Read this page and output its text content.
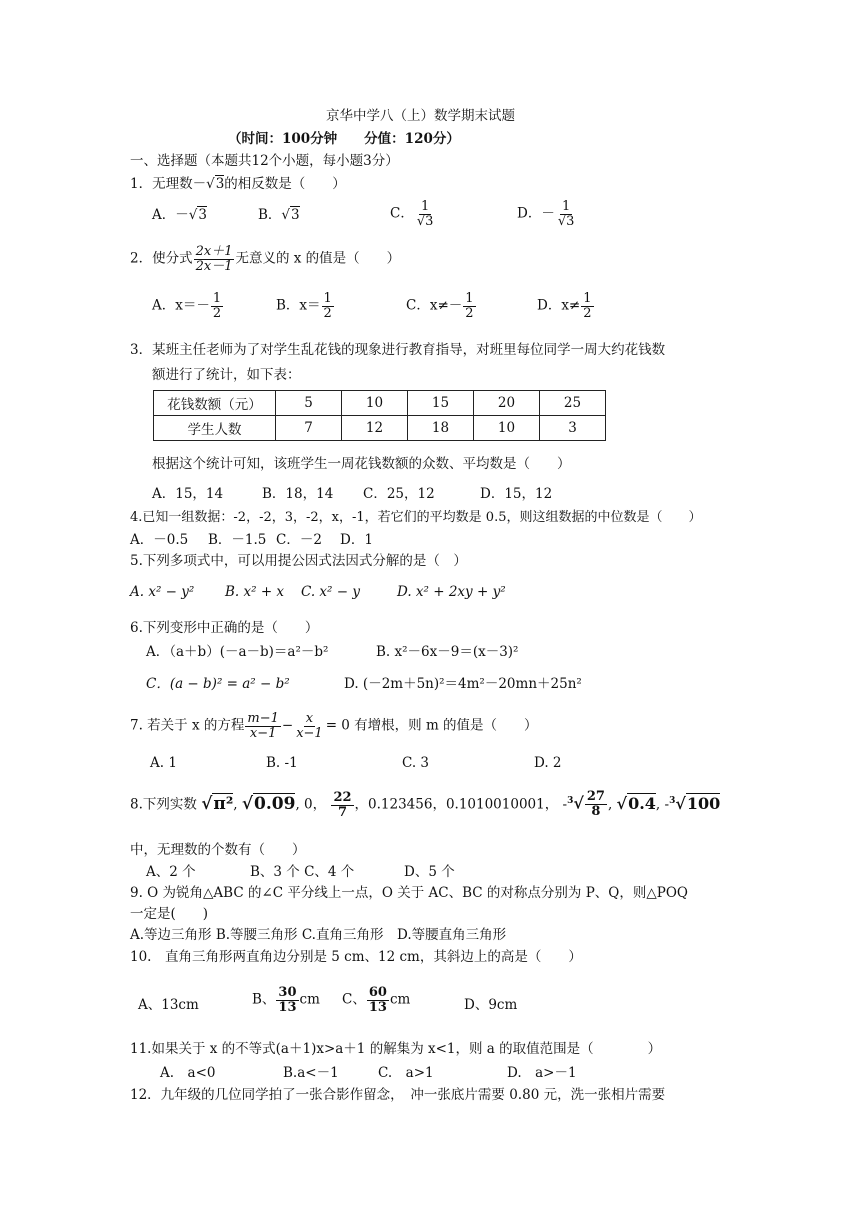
京华中学八（上）数学期末试题
（时间：100分钟　　分值：120分）
一、选择题（本题共12个小题，每小题3分）
1．无理数－√3的相反数是（　　）
A．－√3	B．√3	C． $\frac{1}{√3}$	D．－ $\frac{1}{√3}$
2．使分式 $\frac{2x+1}{2x-1}$ 无意义的 x 的值是（　　）
A．$x=- \frac{1}{2}$	B．$x= \frac{1}{2}$	C．$x\ne- \frac{1}{2}$	D．$x\ne \frac{1}{2}$
3．某班主任老师为了对学生乱花钱的现象进行教育指导，对班里每位同学一周大约花钱数
额进行了统计，如下表：
花钱数额（元）	5	10	15	20	25
学生人数	7	12	18	10	3
根据这个统计可知，该班学生一周花钱数额的众数、平均数是（　　）
A．15，14	B．18，14 C．25，12	D．15，12
4.已知一组数据：-2，-2，3，-2，x，-1，若它们的平均数是 0.5，则这组数据的中位数是（　　）
A．－0.5 B．－1.5 C．－2 D．1
5.下列多项式中，可以用提公因式法因式分解的是（　）
A. x² − y² B. x² + x C. x² − y	D. x² + 2xy + y²
6.下列变形中正确的是（　　）
A．（a＋b）(－a－b)＝a²－b²	B. x²－6x－9＝(x－3)²
C．(a − b)² = a² − b²	D. (－2m＋5n)²＝4m²－20mn＋25n²
7. 若关于 x 的方程 $\frac{m-1}{x-1} - \frac{x}{x-1} = 0$ 有增根，则 m 的值是（　　）
A. 1	B. -1	C. 3	D. 2
8.下列实数 √π², √0.09, 0， $\frac{22}{7}$ ，0.123456，0.1010010001， $-^3√ \frac{27}{8}$ , √0.4, -$^3$√100
中，无理数的个数有（　　）
A、2 个	B、3 个 C、4 个	D、5 个
9. O 为锐角△ABC 的∠C 平分线上一点，O 关于 AC、BC 的对称点分别为 P、Q，则△POQ
一定是(　　)
A.等边三角形 B.等腰三角形 C.直角三角形　D.等腰直角三角形
10.　直角三角形两直角边分别是 5 cm、12 cm，其斜边上的高是（　　）
A、13cm	B、 $\frac{30}{13}$ cm C、 $\frac{60}{13}$ cm	D、9cm
11.如果关于 x 的不等式(a＋1)x>a＋1 的解集为 x<1，则 a 的取值范围是（　　　　）
A.　a<0	B.a<－1	C.　a>1	D.　a>－1
12．九年级的几位同学拍了一张合影作留念，　冲一张底片需要 0.80 元，洗一张相片需要
